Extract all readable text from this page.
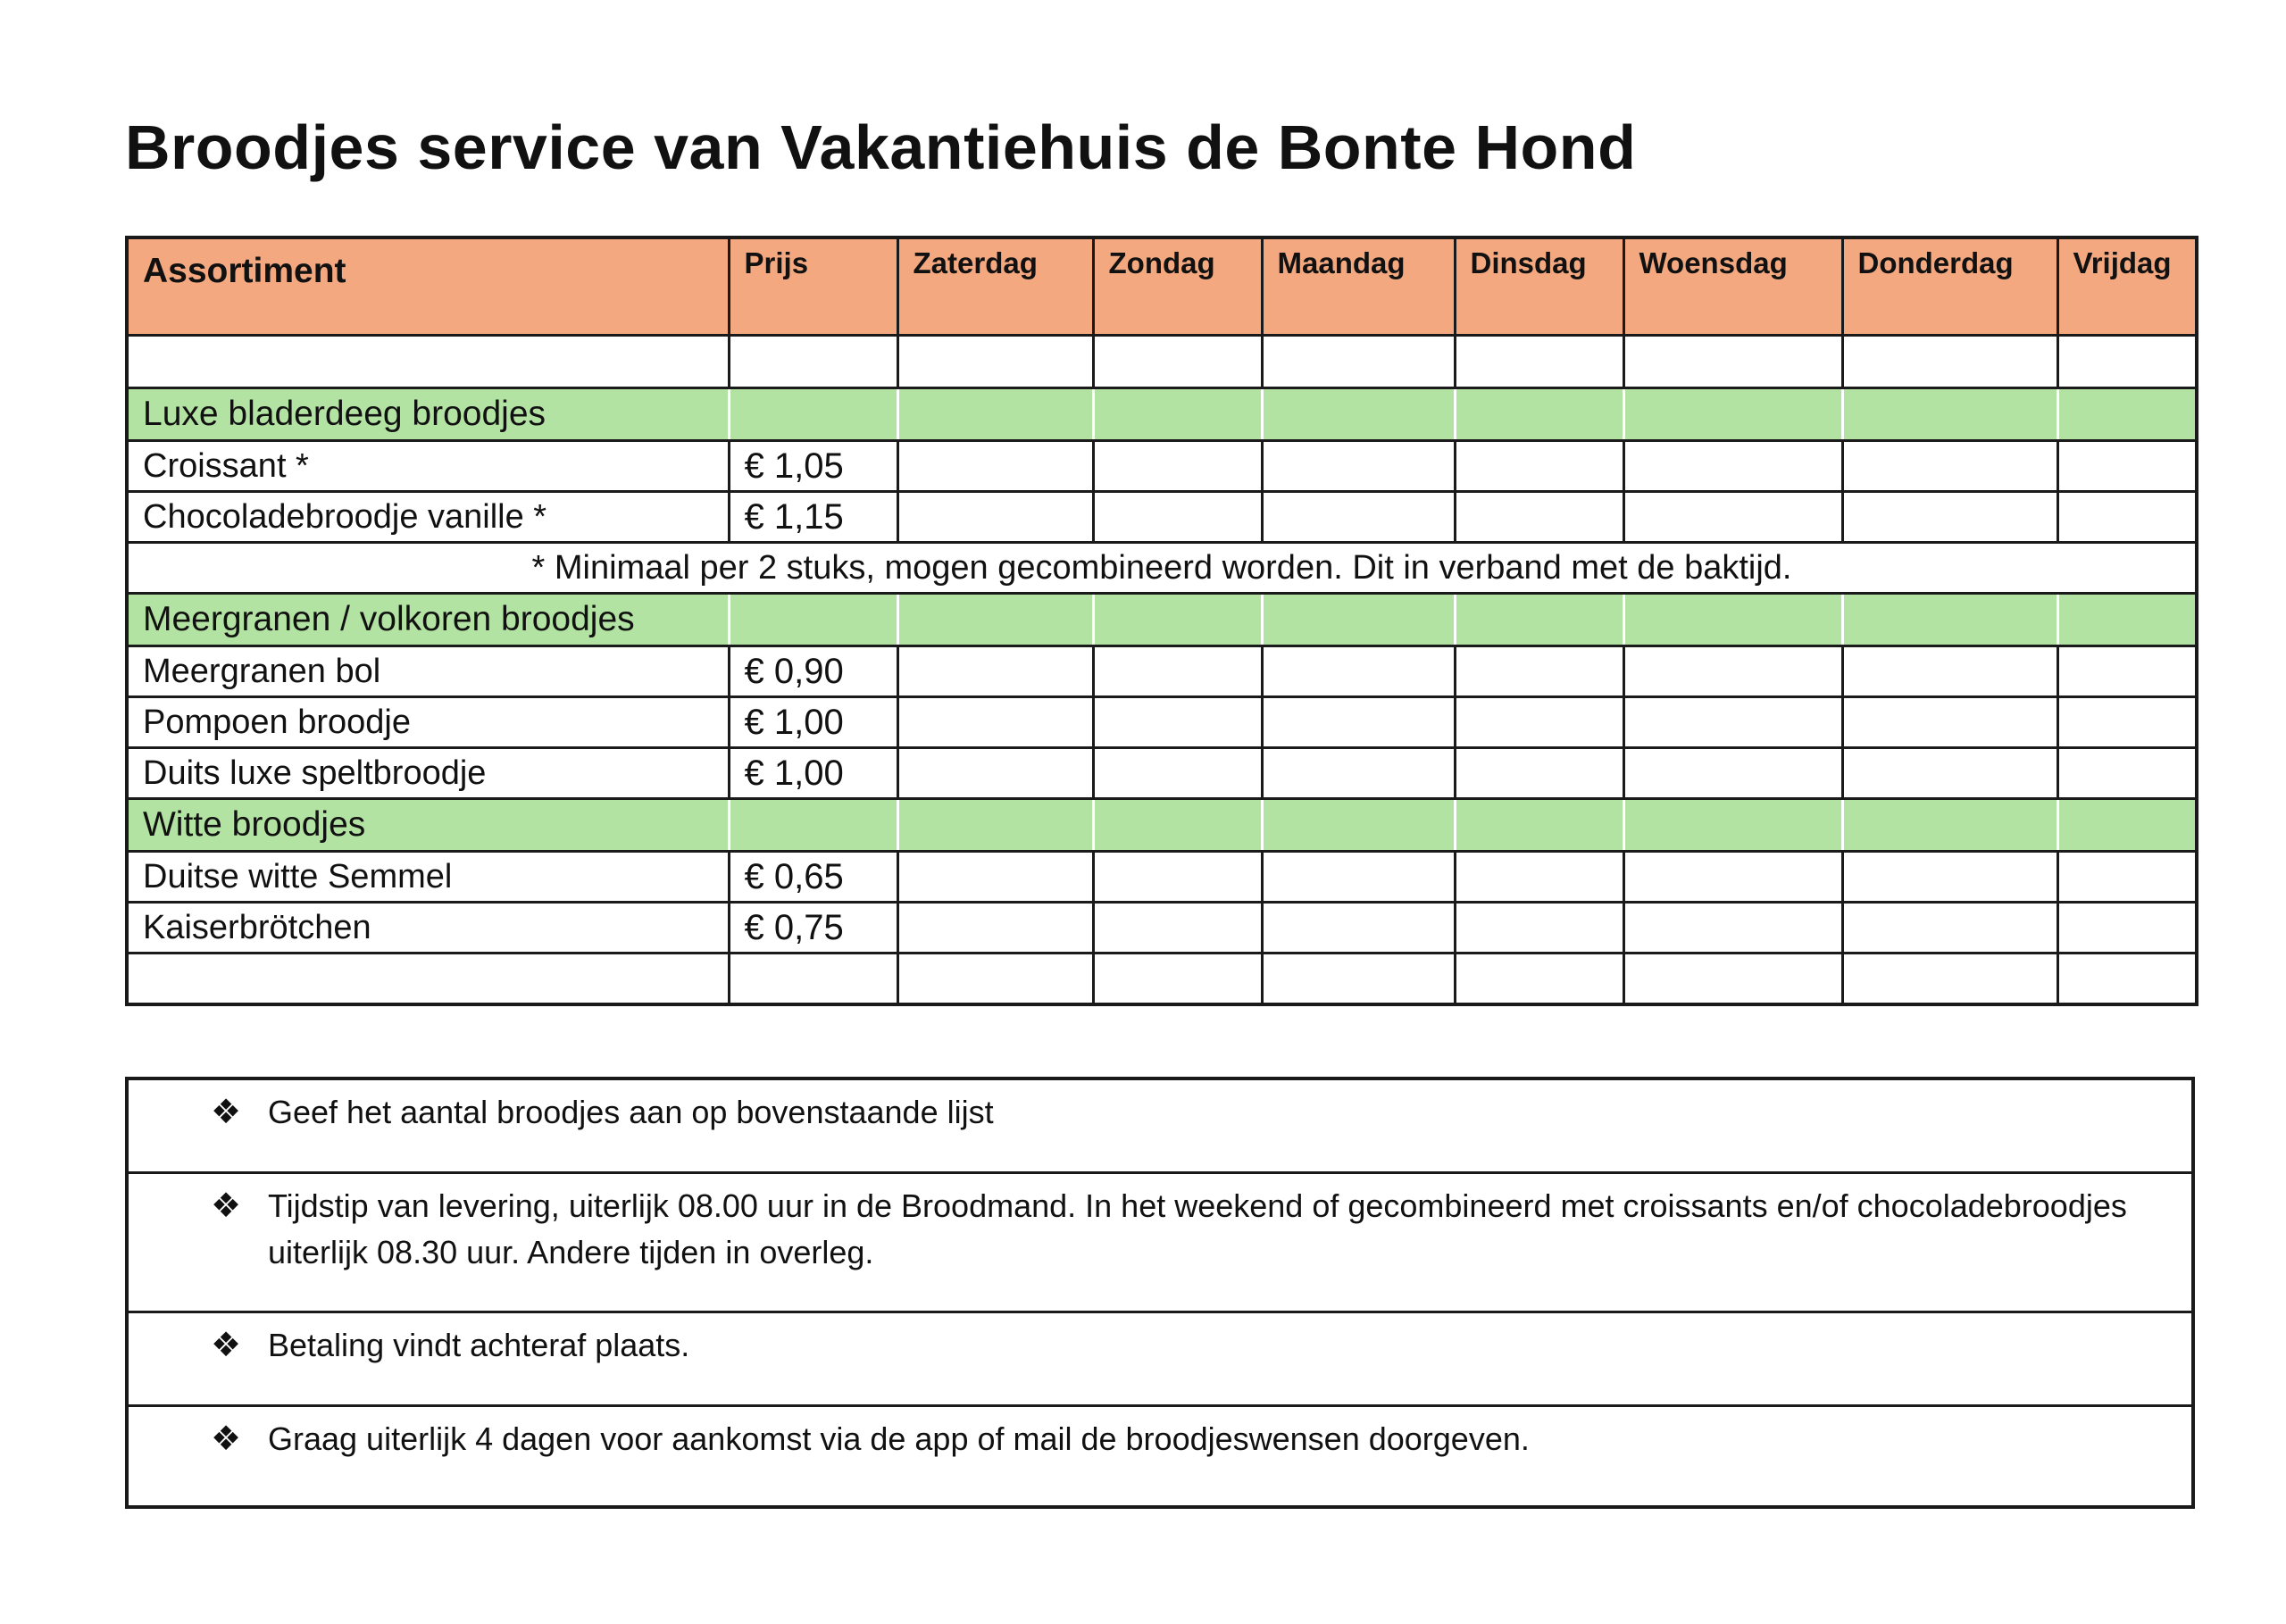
Broodjes service van Vakantiehuis de Bonte Hond
Assortiment	Prijs	Zaterdag	Zondag	Maandag	Dinsdag	Woensdag	Donderdag	Vrijdag

Luxe bladerdeeg broodjes								
Croissant *	€ 1,05							
Chocoladebroodje vanille *	€ 1,15							
* Minimaal per 2 stuks, mogen gecombineerd worden. Dit in verband met de baktijd.								
Meergranen / volkoren broodjes								
Meergranen bol	€ 0,90							
Pompoen broodje	€ 1,00							
Duits luxe speltbroodje	€ 1,00							
Witte broodjes								
Duitse witte Semmel	€ 0,65							
Kaiserbrötchen	€ 0,75							

❖ Geef het aantal broodjes aan op bovenstaande lijst
❖ Tijdstip van levering, uiterlijk 08.00 uur in de Broodmand. In het weekend of gecombineerd met croissants en/of chocoladebroodjes uiterlijk 08.30 uur. Andere tijden in overleg.
❖ Betaling vindt achteraf plaats.
❖ Graag uiterlijk 4 dagen voor aankomst via de app of mail de broodjeswensen doorgeven.
